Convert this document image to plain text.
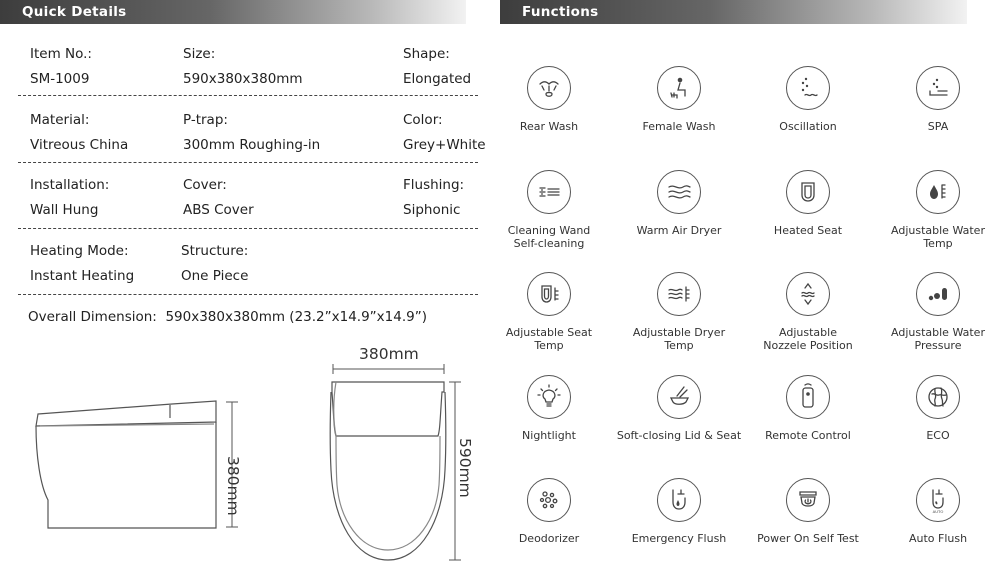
Quick Details	Functions
Item No.:
SM-1009
Size:
590x380x380mm
Shape:
Elongated
Material:
Vitreous China
P-trap:
300mm Roughing-in
Color:
Grey+White
Installation:
Wall Hung
Cover:
ABS Cover
Flushing:
Siphonic
Heating Mode:
Instant Heating
Structure:
One Piece
Overall Dimension: 590x380x380mm (23.2”x14.9”x14.9”)
380mm
380mm
590mm
Rear Wash	Female Wash	Oscillation	SPA
Cleaning Wand
Self-cleaning
Warm Air Dryer	Heated Seat	Adjustable Water
Temp
Adjustable Seat
Temp
Adjustable Dryer
Temp
Adjustable
Nozzele Position
Adjustable Water
Pressure
Nightlight	Soft-closing Lid & Seat	Remote Control	ECO
Deodorizer	Emergency Flush	Power On Self Test
AUTO
Auto Flush
